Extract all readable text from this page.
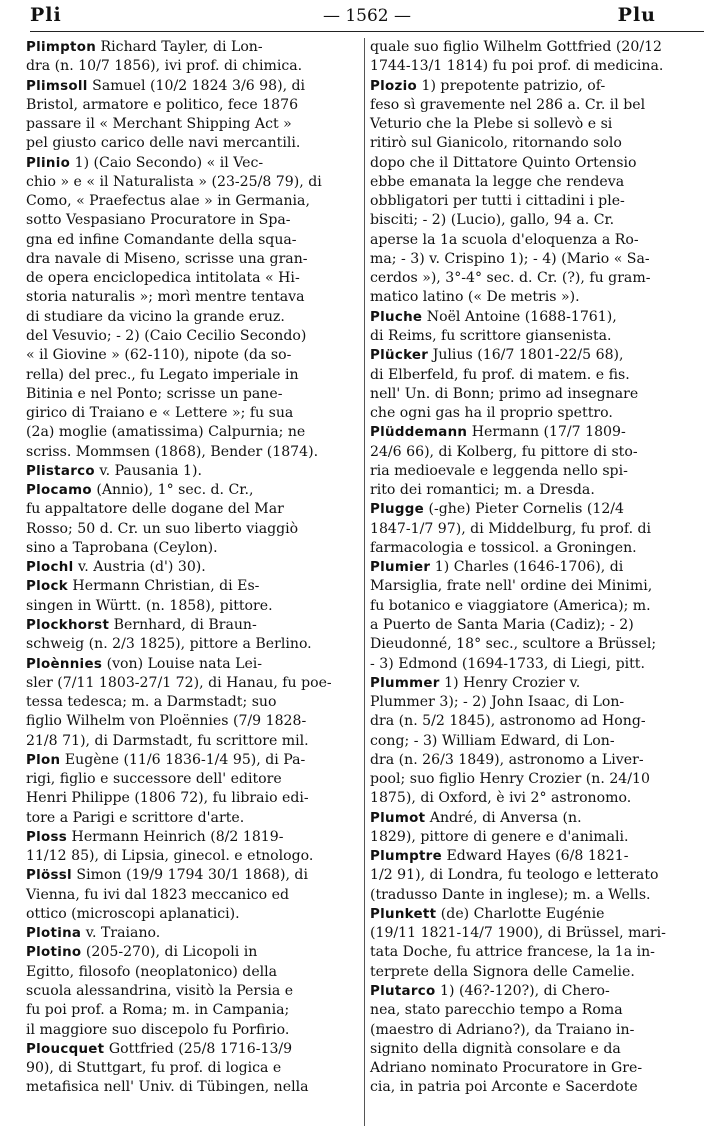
Pli	— 1562 —	Plu
Plimpton Richard Tayler, di Lon-
dra (n. 10/7 1856), ivi prof. di chimica.
Plimsoll Samuel (10/2 1824 3/6 98), di
Bristol, armatore e politico, fece 1876
passare il « Merchant Shipping Act »
pel giusto carico delle navi mercantili.
Plinio 1) (Caio Secondo) « il Vec-
chio » e « il Naturalista » (23-25/8 79), di
Como, « Praefectus alae » in Germania,
sotto Vespasiano Procuratore in Spa-
gna ed infine Comandante della squa-
dra navale di Miseno, scrisse una gran-
de opera enciclopedica intitolata « Hi-
storia naturalis »; morì mentre tentava
di studiare da vicino la grande eruz.
del Vesuvio; - 2) (Caio Cecilio Secondo)
« il Giovine » (62-110), nipote (da so-
rella) del prec., fu Legato imperiale in
Bitinia e nel Ponto; scrisse un pane-
girico di Traiano e « Lettere »; fu sua
(2a) moglie (amatissima) Calpurnia; ne
scriss. Mommsen (1868), Bender (1874).
Plistarco v. Pausania 1).
Plocamo (Annio), 1° sec. d. Cr.,
fu appaltatore delle dogane del Mar
Rosso; 50 d. Cr. un suo liberto viaggiò
sino a Taprobana (Ceylon).
Plochl v. Austria (d') 30).
Plock Hermann Christian, di Es-
singen in Württ. (n. 1858), pittore.
Plockhorst Bernhard, di Braun-
schweig (n. 2/3 1825), pittore a Berlino.
Ploènnies (von) Louise nata Lei-
sler (7/11 1803-27/1 72), di Hanau, fu poe-
tessa tedesca; m. a Darmstadt; suo
figlio Wilhelm von Ploënnies (7/9 1828-
21/8 71), di Darmstadt, fu scrittore mil.
Plon Eugène (11/6 1836-1/4 95), di Pa-
rigi, figlio e successore dell' editore
Henri Philippe (1806 72), fu libraio edi-
tore a Parigi e scrittore d'arte.
Ploss Hermann Heinrich (8/2 1819-
11/12 85), di Lipsia, ginecol. e etnologo.
Plössl Simon (19/9 1794 30/1 1868), di
Vienna, fu ivi dal 1823 meccanico ed
ottico (microscopi aplanatici).
Plotina v. Traiano.
Plotino (205-270), di Licopoli in
Egitto, filosofo (neoplatonico) della
scuola alessandrina, visitò la Persia e
fu poi prof. a Roma; m. in Campania;
il maggiore suo discepolo fu Porfirio.
Ploucquet Gottfried (25/8 1716-13/9
90), di Stuttgart, fu prof. di logica e
metafisica nell' Univ. di Tübingen, nella
quale suo figlio Wilhelm Gottfried (20/12
1744-13/1 1814) fu poi prof. di medicina.
Plozio 1) prepotente patrizio, of-
feso sì gravemente nel 286 a. Cr. il bel
Veturio che la Plebe si sollevò e si
ritirò sul Gianicolo, ritornando solo
dopo che il Dittatore Quinto Ortensio
ebbe emanata la legge che rendeva
obbligatori per tutti i cittadini i ple-
bisciti; - 2) (Lucio), gallo, 94 a. Cr.
aperse la 1a scuola d'eloquenza a Ro-
ma; - 3) v. Crispino 1); - 4) (Mario « Sa-
cerdos »), 3°-4° sec. d. Cr. (?), fu gram-
matico latino (« De metris »).
Pluche Noël Antoine (1688-1761),
di Reims, fu scrittore giansenista.
Plücker Julius (16/7 1801-22/5 68),
di Elberfeld, fu prof. di matem. e fis.
nell' Un. di Bonn; primo ad insegnare
che ogni gas ha il proprio spettro.
Plüddemann Hermann (17/7 1809-
24/6 66), di Kolberg, fu pittore di sto-
ria medioevale e leggenda nello spi-
rito dei romantici; m. a Dresda.
Plugge (-ghe) Pieter Cornelis (12/4
1847-1/7 97), di Middelburg, fu prof. di
farmacologia e tossicol. a Groningen.
Plumier 1) Charles (1646-1706), di
Marsiglia, frate nell' ordine dei Minimi,
fu botanico e viaggiatore (America); m.
a Puerto de Santa Maria (Cadiz); - 2)
Dieudonné, 18° sec., scultore a Brüssel;
- 3) Edmond (1694-1733, di Liegi, pitt.
Plummer 1) Henry Crozier v.
Plummer 3); - 2) John Isaac, di Lon-
dra (n. 5/2 1845), astronomo ad Hong-
cong; - 3) William Edward, di Lon-
dra (n. 26/3 1849), astronomo a Liver-
pool; suo figlio Henry Crozier (n. 24/10
1875), di Oxford, è ivi 2° astronomo.
Plumot André, di Anversa (n.
1829), pittore di genere e d'animali.
Plumptre Edward Hayes (6/8 1821-
1/2 91), di Londra, fu teologo e letterato
(tradusso Dante in inglese); m. a Wells.
Plunkett (de) Charlotte Eugénie
(19/11 1821-14/7 1900), di Brüssel, mari-
tata Doche, fu attrice francese, la 1a in-
terprete della Signora delle Camelie.
Plutarco 1) (46?-120?), di Chero-
nea, stato parecchio tempo a Roma
(maestro di Adriano?), da Traiano in-
signito della dignità consolare e da
Adriano nominato Procuratore in Gre-
cia, in patria poi Arconte e Sacerdote
